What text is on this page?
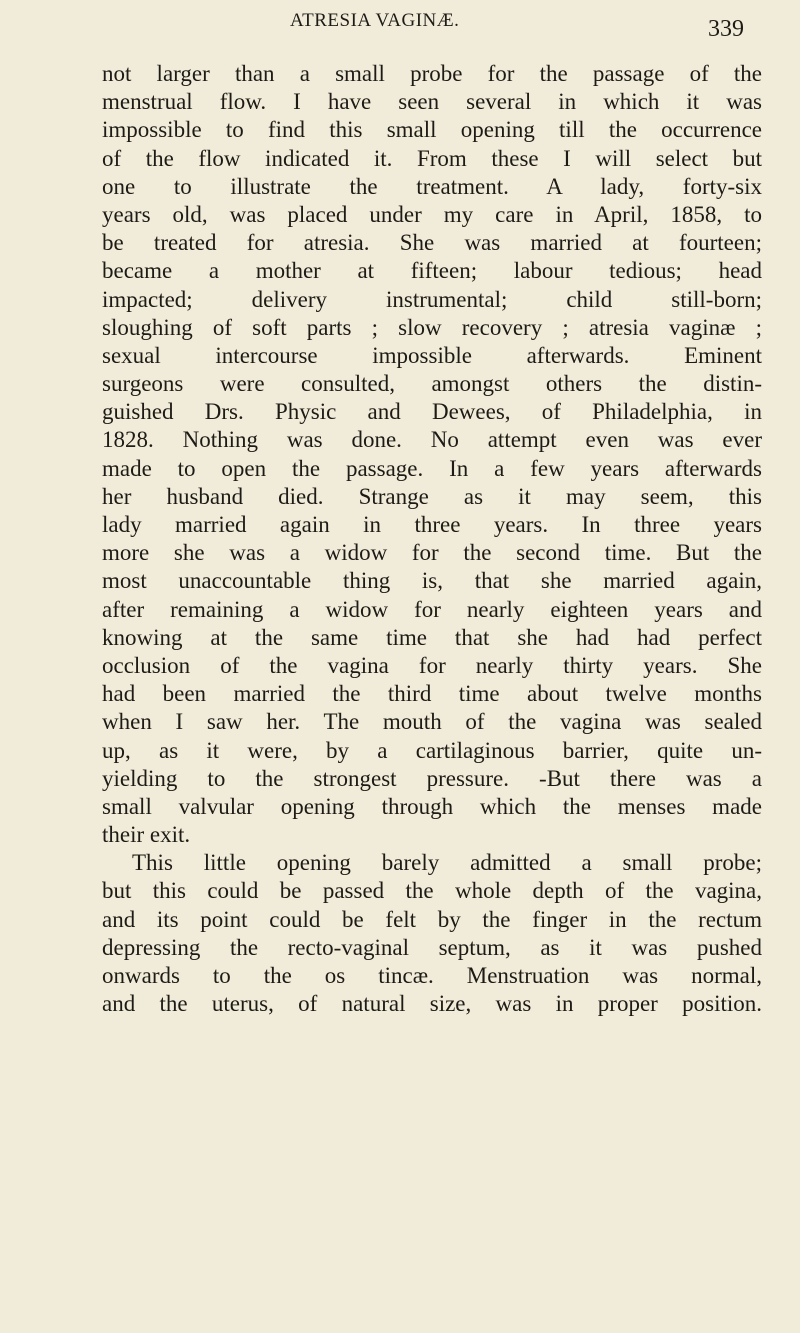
ATRESIA VAGINÆ.	339
not larger than a small probe for the passage of the
menstrual flow. I have seen several in which it was
impossible to find this small opening till the occurrence
of the flow indicated it. From these I will select but
one to illustrate the treatment. A lady, forty-six
years old, was placed under my care in April, 1858, to
be treated for atresia. She was married at fourteen;
became a mother at fifteen; labour tedious; head
impacted; delivery instrumental; child still-born;
sloughing of soft parts ; slow recovery ; atresia vaginæ ;
sexual intercourse impossible afterwards. Eminent
surgeons were consulted, amongst others the distin-
guished Drs. Physic and Dewees, of Philadelphia, in
1828. Nothing was done. No attempt even was ever
made to open the passage. In a few years afterwards
her husband died. Strange as it may seem, this
lady married again in three years. In three years
more she was a widow for the second time. But the
most unaccountable thing is, that she married again,
after remaining a widow for nearly eighteen years and
knowing at the same time that she had had perfect
occlusion of the vagina for nearly thirty years. She
had been married the third time about twelve months
when I saw her. The mouth of the vagina was sealed
up, as it were, by a cartilaginous barrier, quite un-
yielding to the strongest pressure. -But there was a
small valvular opening through which the menses made
their exit.
This little opening barely admitted a small probe;
but this could be passed the whole depth of the vagina,
and its point could be felt by the finger in the rectum
depressing the recto-vaginal septum, as it was pushed
onwards to the os tincæ. Menstruation was normal,
and the uterus, of natural size, was in proper position.
